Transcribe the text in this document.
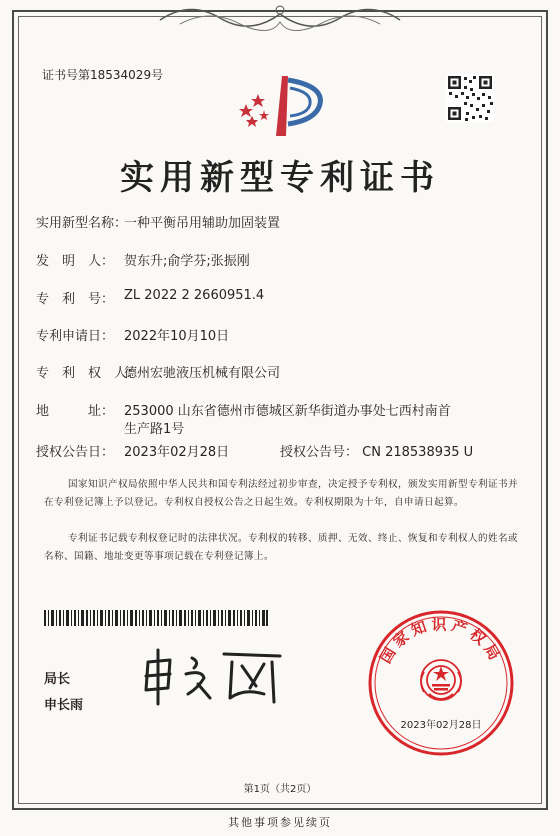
证书号第18534029号
实用新型专利证书
实用新型名称：
一种平衡吊用辅助加固装置
发　明　人： 贺东升;俞学芬;张振刚
专　利　号： ZL 2022 2 2660951.4
专利申请日： 2022年10月10日
专　利　权　人：
德州宏驰液压机械有限公司
地　　　址： 253000 山东省德州市德城区新华街道办事处七西村南首
生产路1号
授权公告日： 2023年02月28日	授权公告号： CN 218538935 U
国家知识产权局依照中华人民共和国专利法经过初步审查，决定授予专利权，颁发实用新型专利证书并在专利登记簿上予以登记。专利权自授权公告之日起生效。专利权期限为十年，自申请日起算。
专利证书记载专利权登记时的法律状况。专利权的转移、质押、无效、终止、恢复和专利权人的姓名或名称、国籍、地址变更等事项记载在专利登记簿上。
局长
申长雨
国家知识产权局
2023年02月28日
第1页（共2页）
其他事项参见续页
